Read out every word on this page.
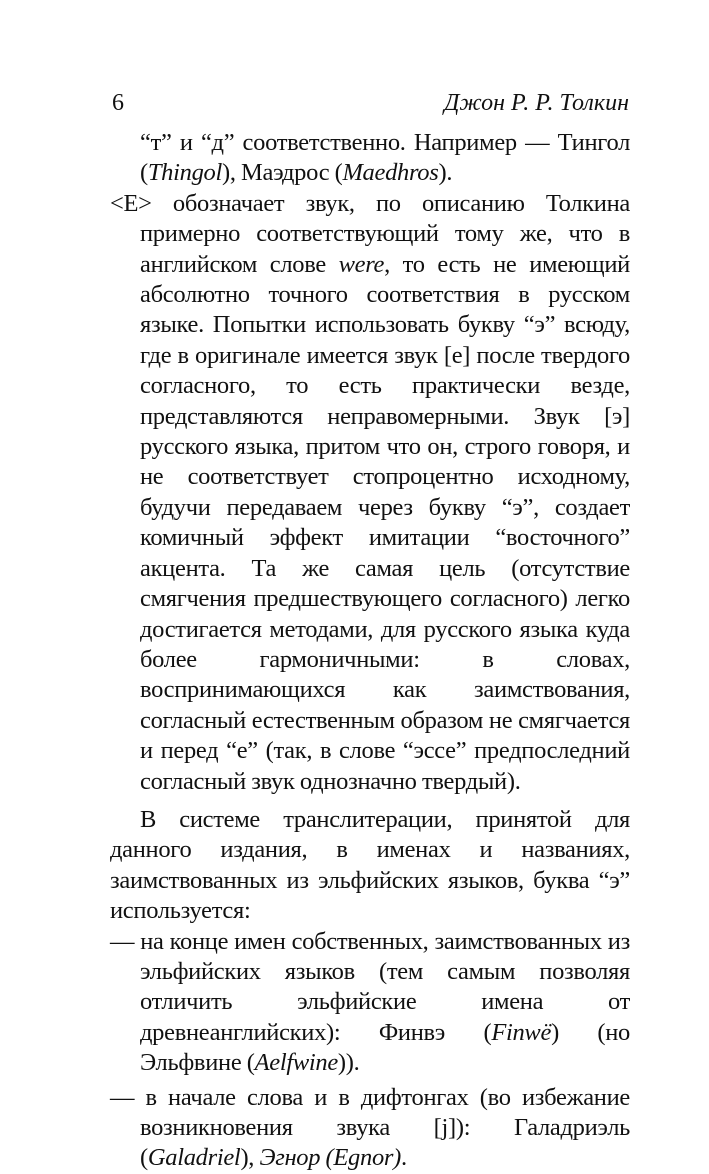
6	Джон Р. Р. Толкин

“т” и “д” соответственно. Например — Тингол (Thingol), Маэдрос (Maedhros).

<E> обозначает звук, по описанию Толкина примерно соответствующий тому же, что в английском слове were, то есть не имеющий абсолютно точного соответствия в русском языке. Попытки использовать букву “э” всюду, где в оригинале имеется звук [е] после твердого согласного, то есть практически везде, представляются неправомерными. Звук [э] русского языка, притом что он, строго говоря, и не соответствует стопроцентно исходному, будучи передаваем через букву “э”, создает комичный эффект имитации “восточного” акцента. Та же самая цель (отсутствие смягчения предшествующего согласного) легко достигается методами, для русского языка куда более гармоничными: в словах, воспринимающихся как заимствования, согласный естественным образом не смягчается и перед “е” (так, в слове “эссе” предпоследний согласный звук однозначно твердый).

В системе транслитерации, принятой для данного издания, в именах и названиях, заимствованных из эльфийских языков, буква “э” используется:

— на конце имен собственных, заимствованных из эльфийских языков (тем самым позволяя отличить эльфийские имена от древнеанглийских): Финвэ (Finwë) (но Эльфвине (Aelfwine)).

— в начале слова и в дифтонгах (во избежание возникновения звука [j]): Галадриэль (Galadriel), Эгнор (Egnor).
